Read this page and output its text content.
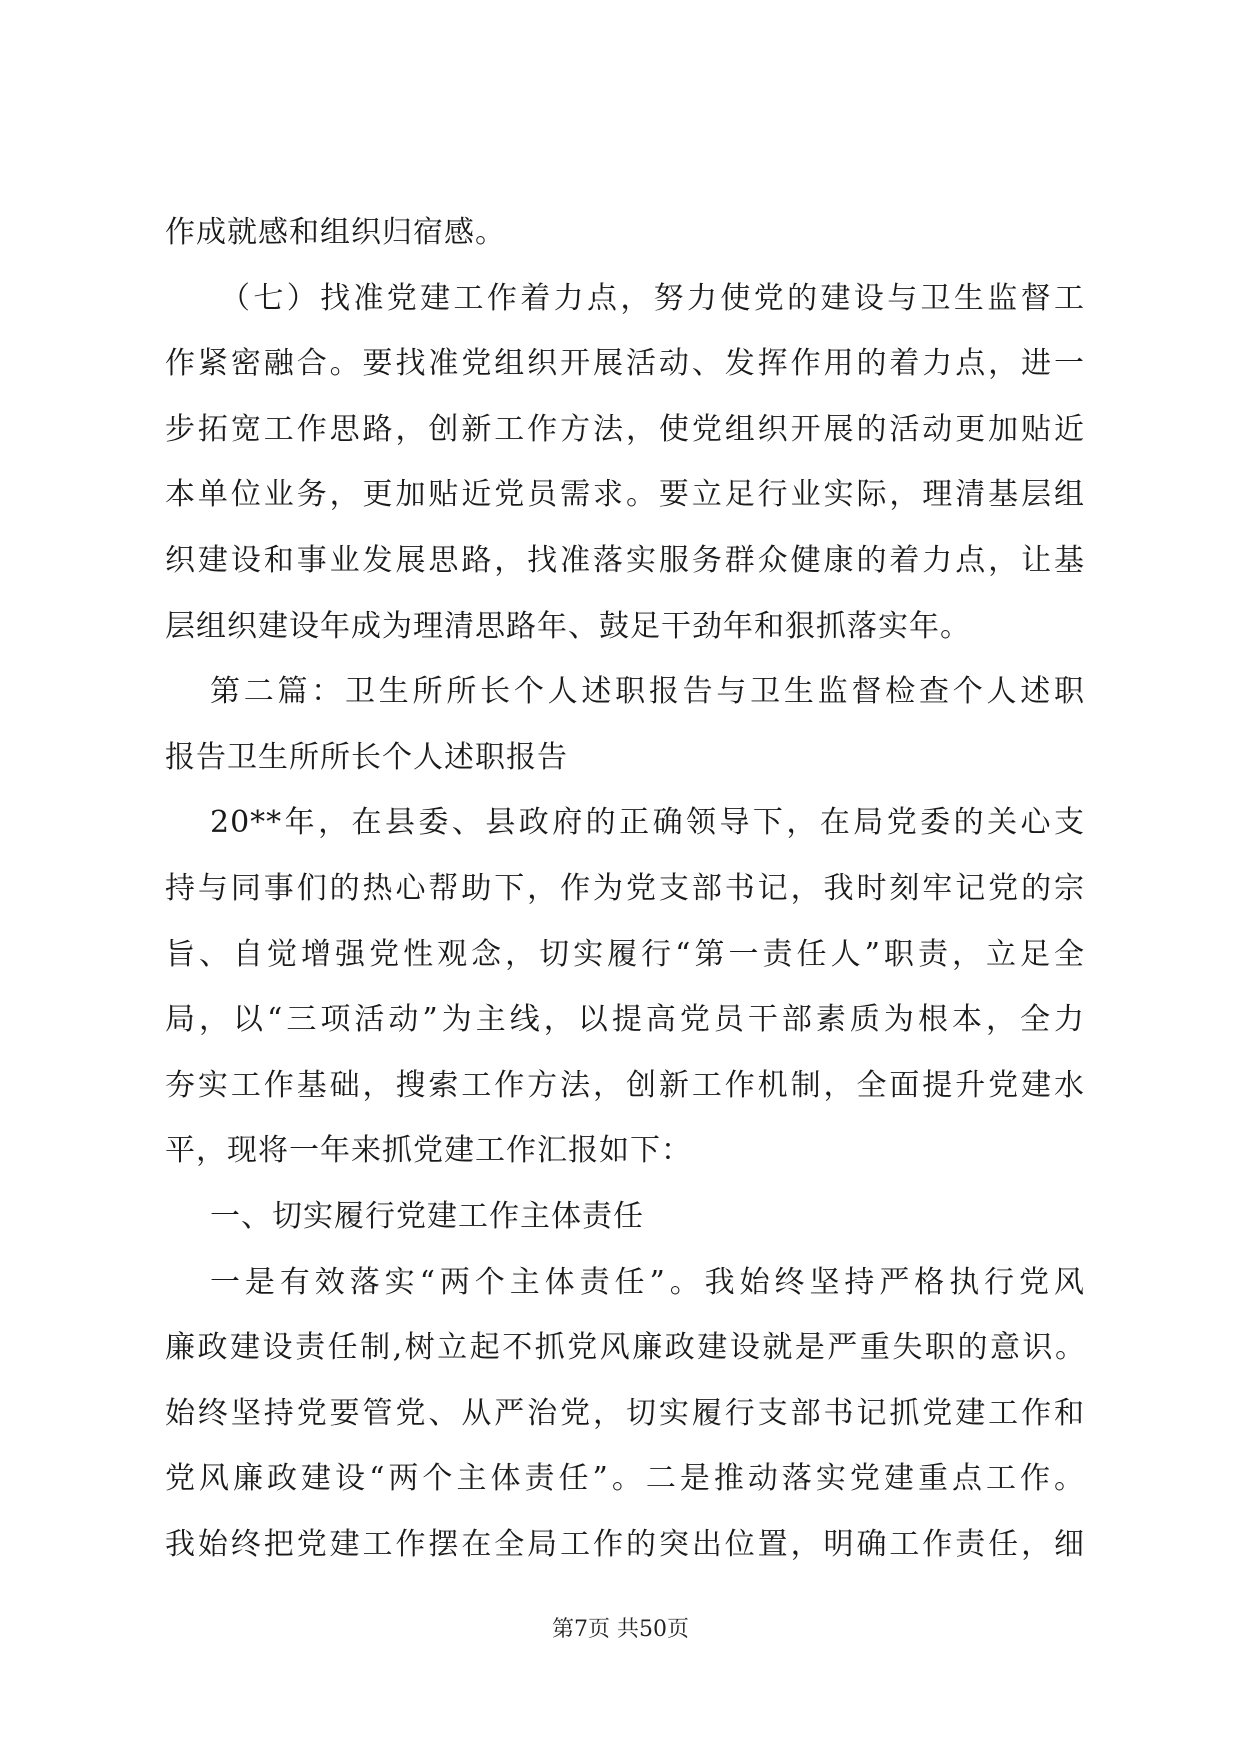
作成就感和组织归宿感。
（七）找准党建工作着力点，努力使党的建设与卫生监督工
作紧密融合。要找准党组织开展活动、发挥作用的着力点，进一
步拓宽工作思路，创新工作方法，使党组织开展的活动更加贴近
本单位业务，更加贴近党员需求。要立足行业实际，理清基层组
织建设和事业发展思路，找准落实服务群众健康的着力点，让基
层组织建设年成为理清思路年、鼓足干劲年和狠抓落实年。
第二篇：卫生所所长个人述职报告与卫生监督检查个人述职
报告卫生所所长个人述职报告
20**年，在县委、县政府的正确领导下，在局党委的关心支
持与同事们的热心帮助下，作为党支部书记，我时刻牢记党的宗
旨、自觉增强党性观念，切实履行“第一责任人”职责，立足全
局，以“三项活动”为主线，以提高党员干部素质为根本，全力
夯实工作基础，搜索工作方法，创新工作机制，全面提升党建水
平，现将一年来抓党建工作汇报如下：
一、切实履行党建工作主体责任
一是有效落实“两个主体责任”。我始终坚持严格执行党风
廉政建设责任制,树立起不抓党风廉政建设就是严重失职的意识。
始终坚持党要管党、从严治党，切实履行支部书记抓党建工作和
党风廉政建设“两个主体责任”。二是推动落实党建重点工作。
我始终把党建工作摆在全局工作的突出位置，明确工作责任，细
第7页 共50页
